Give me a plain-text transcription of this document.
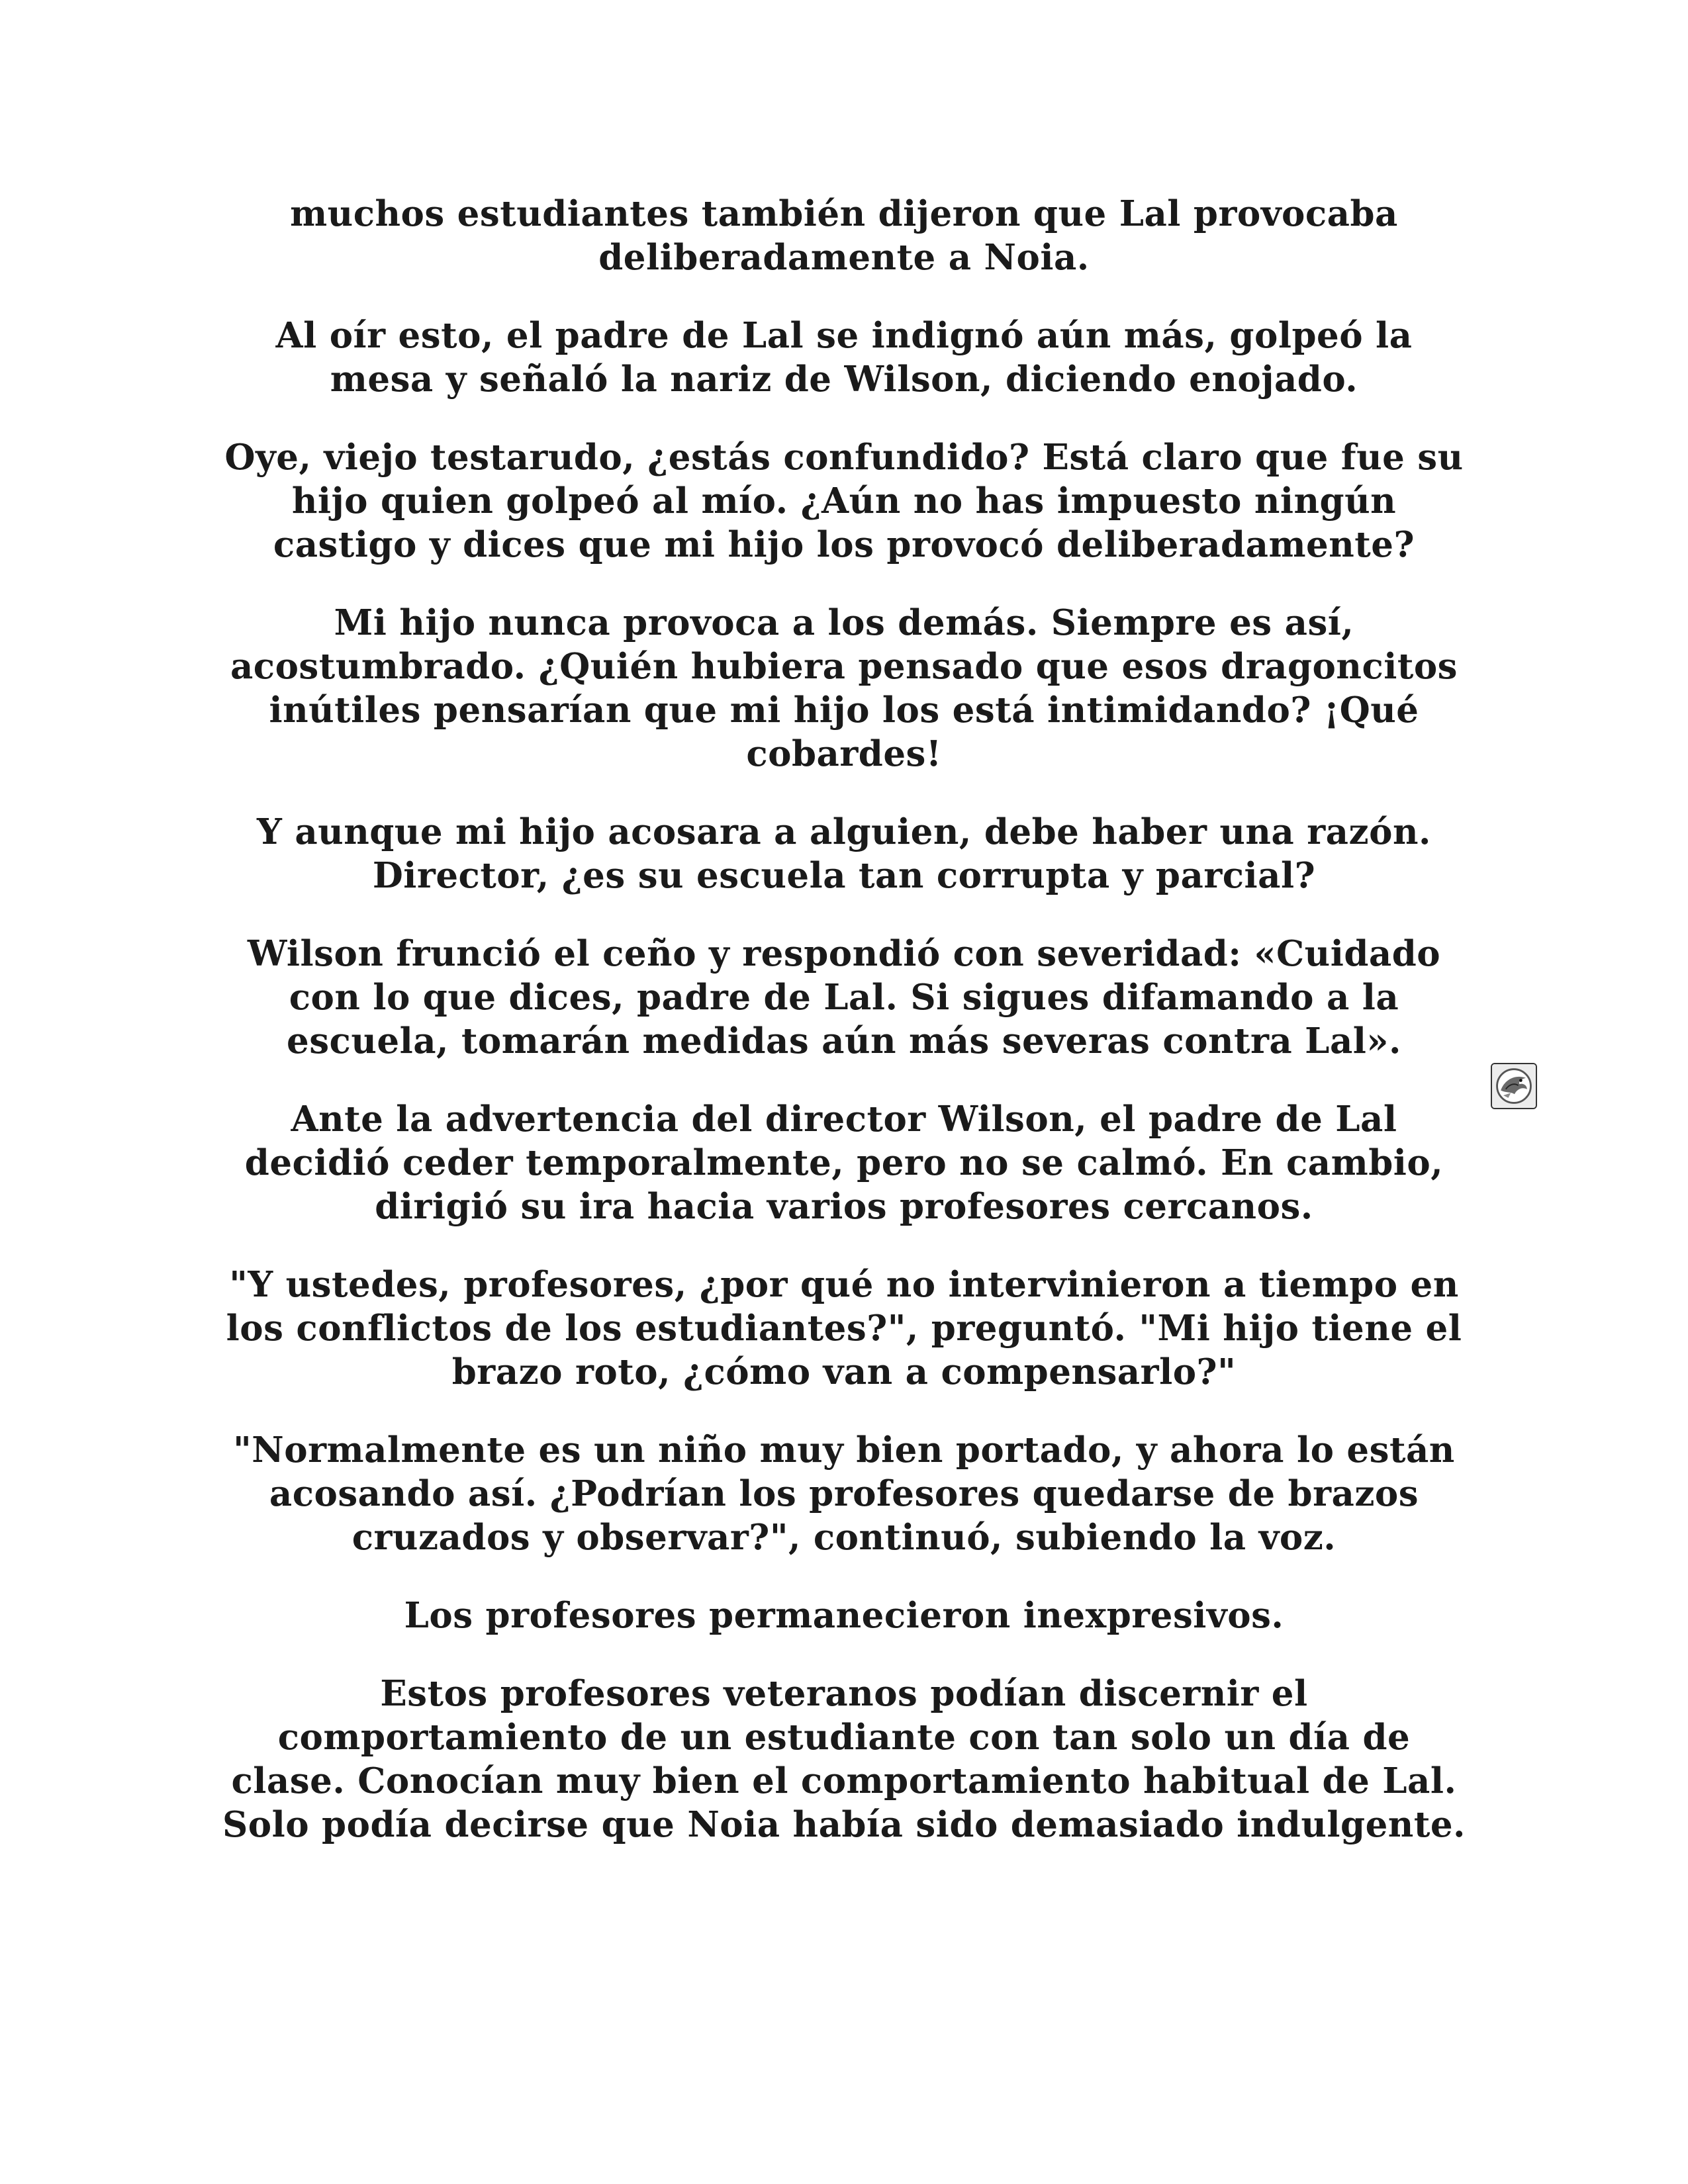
muchos estudiantes también dijeron que Lal provocaba deliberadamente a Noia.

Al oír esto, el padre de Lal se indignó aún más, golpeó la mesa y señaló la nariz de Wilson, diciendo enojado.

Oye, viejo testarudo, ¿estás confundido? Está claro que fue su hijo quien golpeó al mío. ¿Aún no has impuesto ningún castigo y dices que mi hijo los provocó deliberadamente?

Mi hijo nunca provoca a los demás. Siempre es así, acostumbrado. ¿Quién hubiera pensado que esos dragoncitos inútiles pensarían que mi hijo los está intimidando? ¡Qué cobardes!

Y aunque mi hijo acosara a alguien, debe haber una razón. Director, ¿es su escuela tan corrupta y parcial?

Wilson frunció el ceño y respondió con severidad: «Cuidado con lo que dices, padre de Lal. Si sigues difamando a la escuela, tomarán medidas aún más severas contra Lal».

Ante la advertencia del director Wilson, el padre de Lal decidió ceder temporalmente, pero no se calmó. En cambio, dirigió su ira hacia varios profesores cercanos.

"Y ustedes, profesores, ¿por qué no intervinieron a tiempo en los conflictos de los estudiantes?", preguntó. "Mi hijo tiene el brazo roto, ¿cómo van a compensarlo?"

"Normalmente es un niño muy bien portado, y ahora lo están acosando así. ¿Podrían los profesores quedarse de brazos cruzados y observar?", continuó, subiendo la voz.

Los profesores permanecieron inexpresivos.

Estos profesores veteranos podían discernir el comportamiento de un estudiante con tan solo un día de clase. Conocían muy bien el comportamiento habitual de Lal. Solo podía decirse que Noia había sido demasiado indulgente.
